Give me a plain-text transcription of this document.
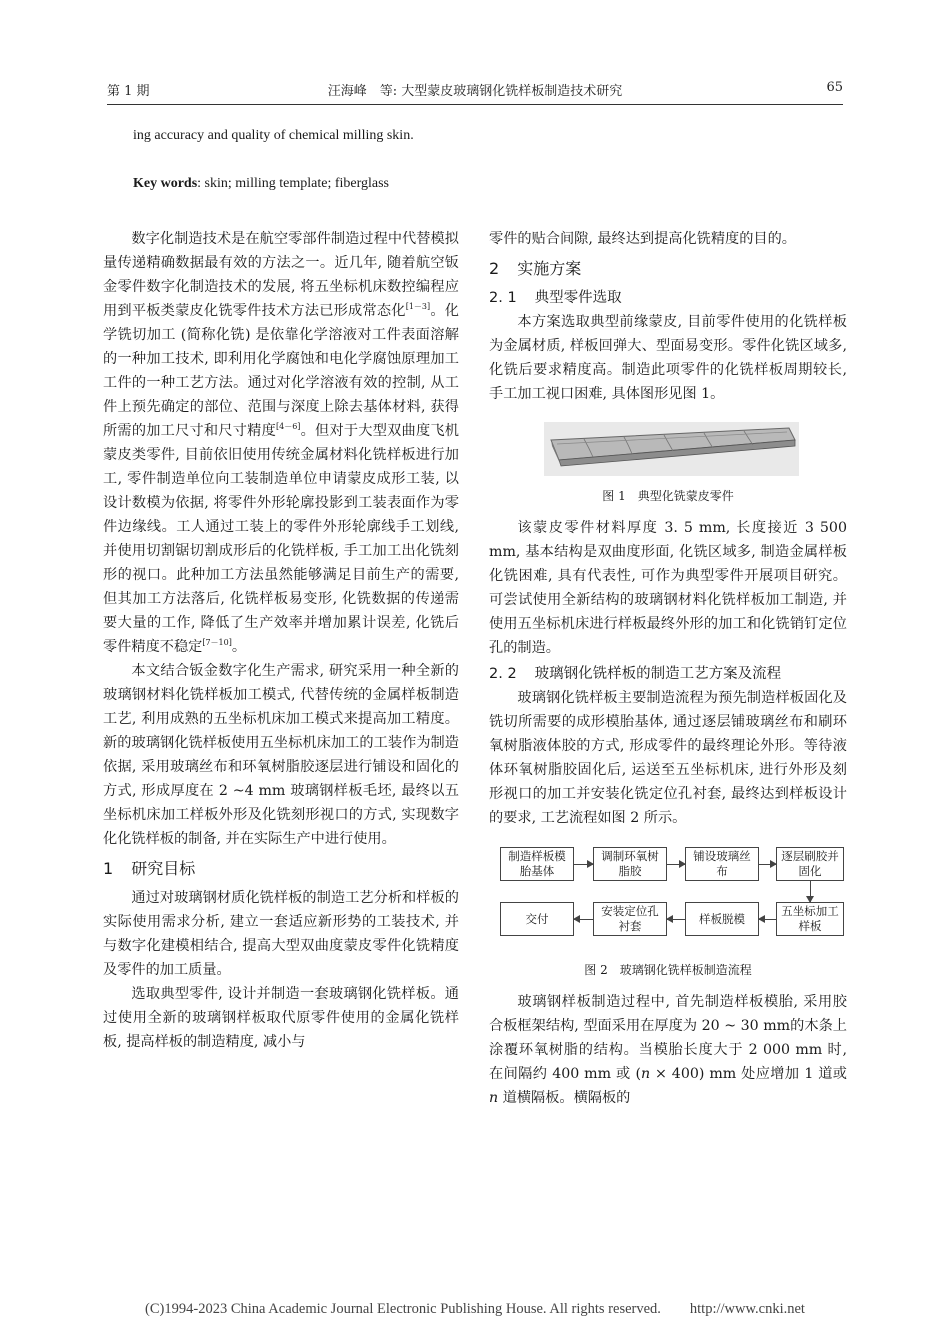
第 1 期	汪海峰　等: 大型蒙皮玻璃钢化铣样板制造技术研究	65
ing accuracy and quality of chemical milling skin.
Key words: skin; milling template; fiberglass

数字化制造技术是在航空零部件制造过程中代替模拟量传递精确数据最有效的方法之一。近几年, 随着航空钣金零件数字化制造技术的发展, 将五坐标机床数控编程应用到平板类蒙皮化铣零件技术方法已形成常态化[1－3]。化学铣切加工 (简称化铣) 是依靠化学溶液对工件表面溶解的一种加工技术, 即利用化学腐蚀和电化学腐蚀原理加工工件的一种工艺方法。通过对化学溶液有效的控制, 从工件上预先确定的部位、范围与深度上除去基体材料, 获得所需的加工尺寸和尺寸精度[4－6]。但对于大型双曲度飞机蒙皮类零件, 目前依旧使用传统金属材料化铣样板进行加工, 零件制造单位向工装制造单位申请蒙皮成形工装, 以设计数模为依据, 将零件外形轮廓投影到工装表面作为零件边缘线。工人通过工装上的零件外形轮廓线手工划线, 并使用切割锯切割成形后的化铣样板, 手工加工出化铣刻形的视口。此种加工方法虽然能够满足目前生产的需要, 但其加工方法落后, 化铣样板易变形, 化铣数据的传递需要大量的工作, 降低了生产效率并增加累计误差, 化铣后零件精度不稳定[7－10]。

本文结合钣金数字化生产需求, 研究采用一种全新的玻璃钢材料化铣样板加工模式, 代替传统的金属样板制造工艺, 利用成熟的五坐标机床加工模式来提高加工精度。新的玻璃钢化铣样板使用五坐标机床加工的工装作为制造依据, 采用玻璃丝布和环氧树脂胶逐层进行铺设和固化的方式, 形成厚度在 2 ~4 mm 玻璃钢样板毛坯, 最终以五坐标机床加工样板外形及化铣刻形视口的方式, 实现数字化化铣样板的制备, 并在实际生产中进行使用。

1 研究目标

通过对玻璃钢材质化铣样板的制造工艺分析和样板的实际使用需求分析, 建立一套适应新形势的工装技术, 并与数字化建模相结合, 提高大型双曲度蒙皮零件化铣精度及零件的加工质量。

选取典型零件, 设计并制造一套玻璃钢化铣样板。通过使用全新的玻璃钢样板取代原零件使用的金属化铣样板, 提高样板的制造精度, 减小与

零件的贴合间隙, 最终达到提高化铣精度的目的。

2 实施方案
2. 1 典型零件选取

本方案选取典型前缘蒙皮, 目前零件使用的化铣样板为金属材质, 样板回弹大、型面易变形。零件化铣区域多, 化铣后要求精度高。制造此项零件的化铣样板周期较长, 手工加工视口困难, 具体图形见图 1。

图 1　典型化铣蒙皮零件

该蒙皮零件材料厚度 3. 5 mm, 长度接近 3 500 mm, 基本结构是双曲度形面, 化铣区域多, 制造金属样板化铣困难, 具有代表性, 可作为典型零件开展项目研究。可尝试使用全新结构的玻璃钢材料化铣样板加工制造, 并使用五坐标机床进行样板最终外形的加工和化铣销钉定位孔的制造。

2. 2 玻璃钢化铣样板的制造工艺方案及流程

玻璃钢化铣样板主要制造流程为预先制造样板固化及铣切所需要的成形模胎基体, 通过逐层铺玻璃丝布和刷环氧树脂液体胶的方式, 形成零件的最终理论外形。等待液体环氧树脂胶固化后, 运送至五坐标机床, 进行外形及刻形视口的加工并安装化铣定位孔衬套, 最终达到样板设计的要求, 工艺流程如图 2 所示。

制造样板模胎基体
调制环氧树脂胶
铺设玻璃丝布
逐层刷胶并固化
五坐标加工样板
样板脱模
安装定位孔衬套
交付
图 2　玻璃钢化铣样板制造流程

玻璃钢样板制造过程中, 首先制造样板模胎, 采用胶合板框架结构, 型面采用在厚度为 20 ~ 30 mm的木条上涂覆环氧树脂的结构。当模胎长度大于 2 000 mm 时, 在间隔约 400 mm 或 (n × 400) mm 处应增加 1 道或 n 道横隔板。横隔板的

(C)1994-2023 China Academic Journal Electronic Publishing House. All rights reserved.　　http://www.cnki.net
